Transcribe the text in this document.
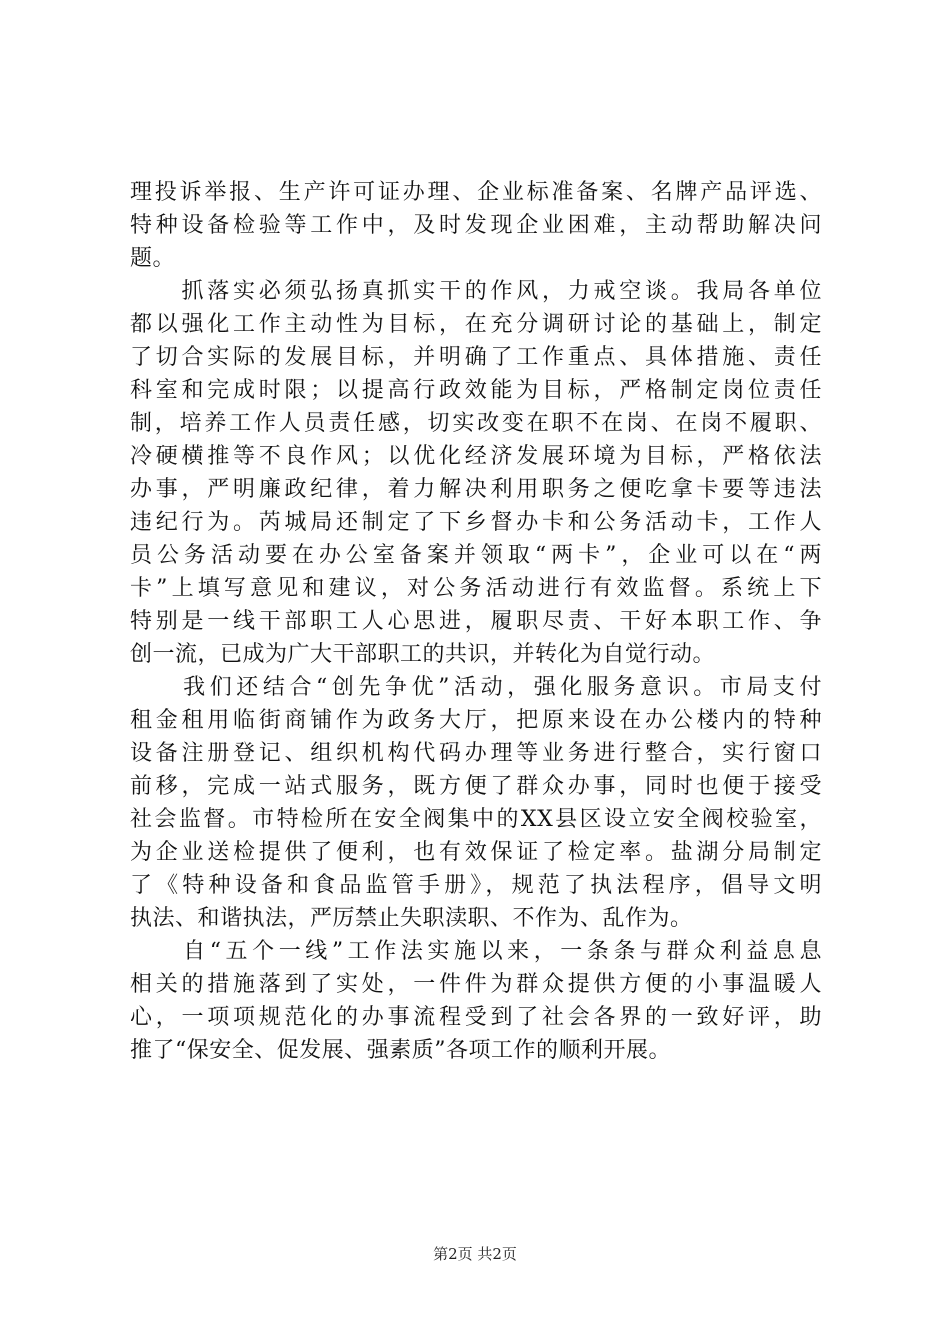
理投诉举报、生产许可证办理、企业标准备案、名牌产品评选、
特种设备检验等工作中，及时发现企业困难，主动帮助解决问
题。
　　抓落实必须弘扬真抓实干的作风，力戒空谈。我局各单位
都以强化工作主动性为目标，在充分调研讨论的基础上，制定
了切合实际的发展目标，并明确了工作重点、具体措施、责任
科室和完成时限；以提高行政效能为目标，严格制定岗位责任
制，培养工作人员责任感，切实改变在职不在岗、在岗不履职、
冷硬横推等不良作风；以优化经济发展环境为目标，严格依法
办事，严明廉政纪律，着力解决利用职务之便吃拿卡要等违法
违纪行为。芮城局还制定了下乡督办卡和公务活动卡，工作人
员公务活动要在办公室备案并领取“两卡”，企业可以在“两
卡”上填写意见和建议，对公务活动进行有效监督。系统上下
特别是一线干部职工人心思进，履职尽责、干好本职工作、争
创一流，已成为广大干部职工的共识，并转化为自觉行动。
　　我们还结合“创先争优”活动，强化服务意识。市局支付
租金租用临街商铺作为政务大厅，把原来设在办公楼内的特种
设备注册登记、组织机构代码办理等业务进行整合，实行窗口
前移，完成一站式服务，既方便了群众办事，同时也便于接受
社会监督。市特检所在安全阀集中的XX县区设立安全阀校验室，
为企业送检提供了便利，也有效保证了检定率。盐湖分局制定
了《特种设备和食品监管手册》，规范了执法程序，倡导文明
执法、和谐执法，严厉禁止失职渎职、不作为、乱作为。
　　自“五个一线”工作法实施以来，一条条与群众利益息息
相关的措施落到了实处，一件件为群众提供方便的小事温暖人
心，一项项规范化的办事流程受到了社会各界的一致好评，助
推了“保安全、促发展、强素质”各项工作的顺利开展。
第2页 共2页
